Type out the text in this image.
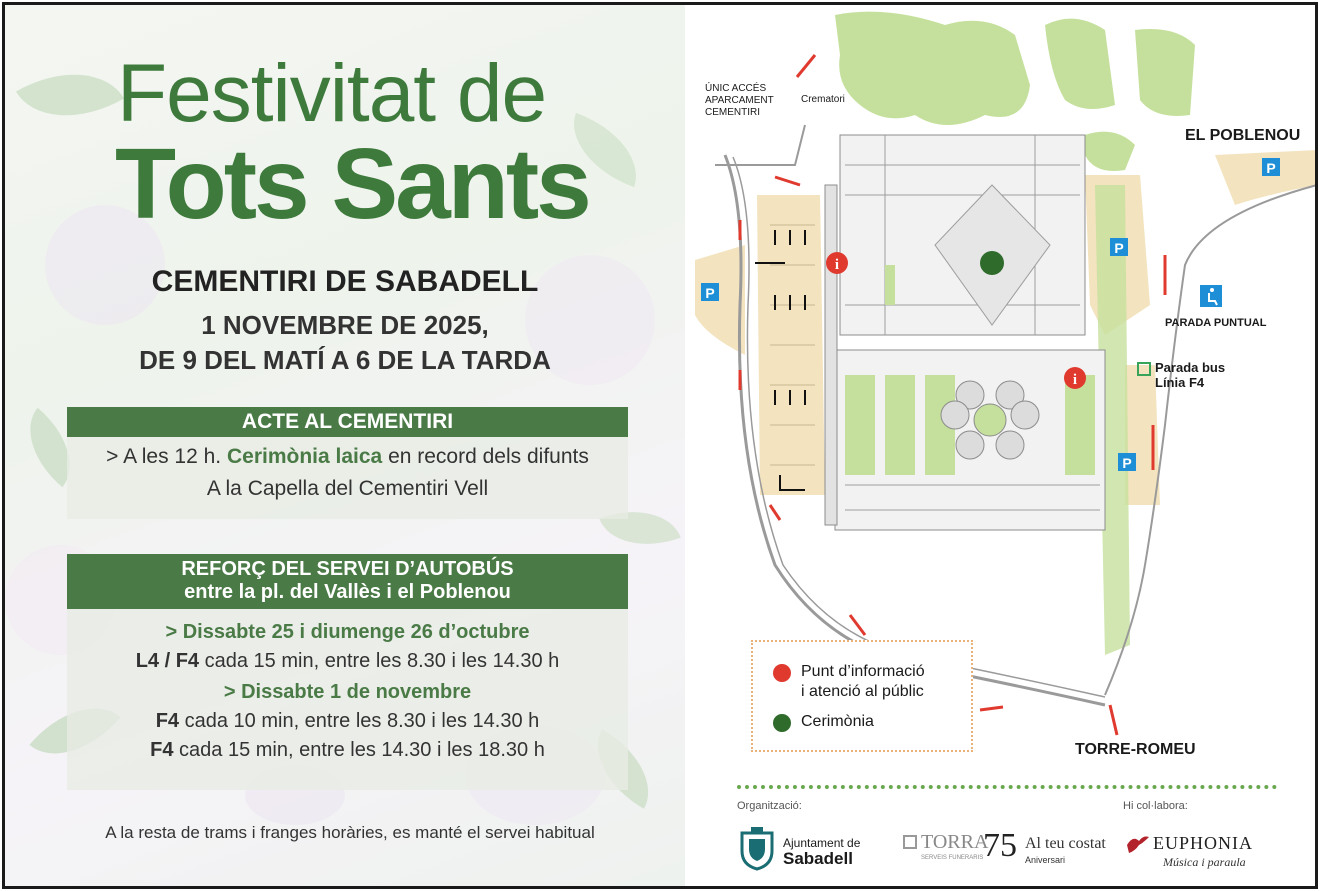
Festivitat de
Tots Sants
CEMENTIRI DE SABADELL
1 NOVEMBRE DE 2025,
DE 9 DEL MATÍ A 6 DE LA TARDA
ACTE AL CEMENTIRI
> A les 12 h. Cerimònia laica en record dels difunts
A la Capella del Cementiri Vell
REFORÇ DEL SERVEI D’AUTOBÚS
entre la pl. del Vallès i el Poblenou
> Dissabte 25 i diumenge 26 d’octubre
L4 / F4 cada 15 min, entre les 8.30 i les 14.30 h
> Dissabte 1 de novembre
F4 cada 10 min, entre les 8.30 i les 14.30 h
F4 cada 15 min, entre les 14.30 i les 18.30 h
A la resta de trams i franges horàries, es manté el servei habitual
i
i
P
P
P
P
ÚNIC ACCÉS
APARCAMENT
CEMENTIRI
Crematori
EL POBLENOU
PARADA PUNTUAL
Parada bus
Línia F4
TORRE-ROMEU
Punt d’informació
i atenció al públic
Cerimònia
Organització:	Hi col·labora:
Ajuntament de
Sabadell
TORRA
SERVEIS FUNERARIS 75 Al teu costat
Aniversari
EUPHONIA
Música i paraula
